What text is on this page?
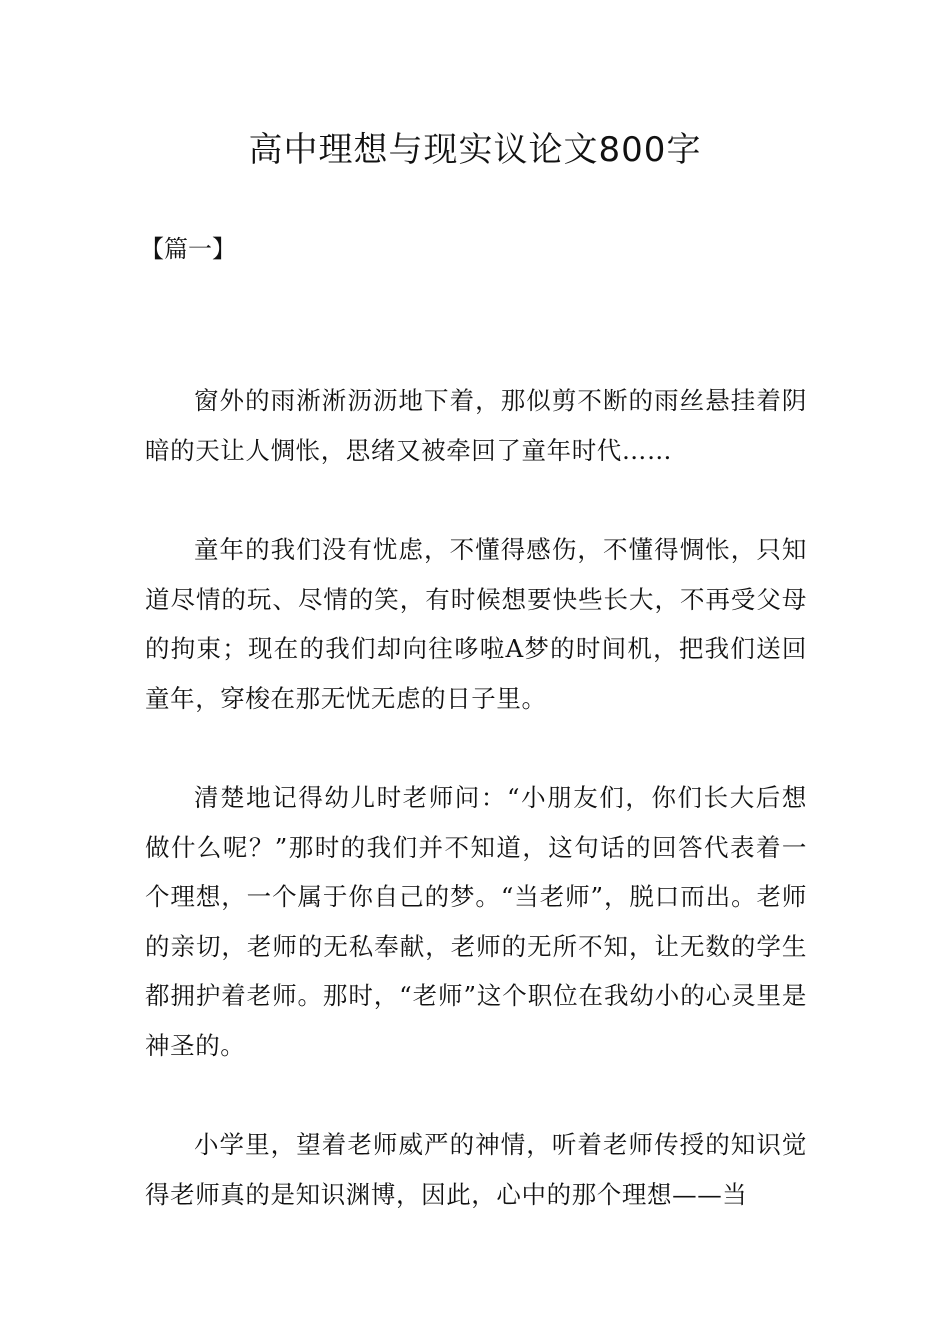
高中理想与现实议论文800字

【篇一】

窗外的雨淅淅沥沥地下着，那似剪不断的雨丝悬挂着阴暗的天让人惆怅，思绪又被牵回了童年时代……

童年的我们没有忧虑，不懂得感伤，不懂得惆怅，只知道尽情的玩、尽情的笑，有时候想要快些长大，不再受父母的拘束；现在的我们却向往哆啦A梦的时间机，把我们送回童年，穿梭在那无忧无虑的日子里。

清楚地记得幼儿时老师问：“小朋友们，你们长大后想做什么呢？”那时的我们并不知道，这句话的回答代表着一个理想，一个属于你自己的梦。“当老师”，脱口而出。老师的亲切，老师的无私奉献，老师的无所不知，让无数的学生都拥护着老师。那时，“老师”这个职位在我幼小的心灵里是神圣的。

小学里，望着老师威严的神情，听着老师传授的知识觉得老师真的是知识渊博，因此，心中的那个理想——当
